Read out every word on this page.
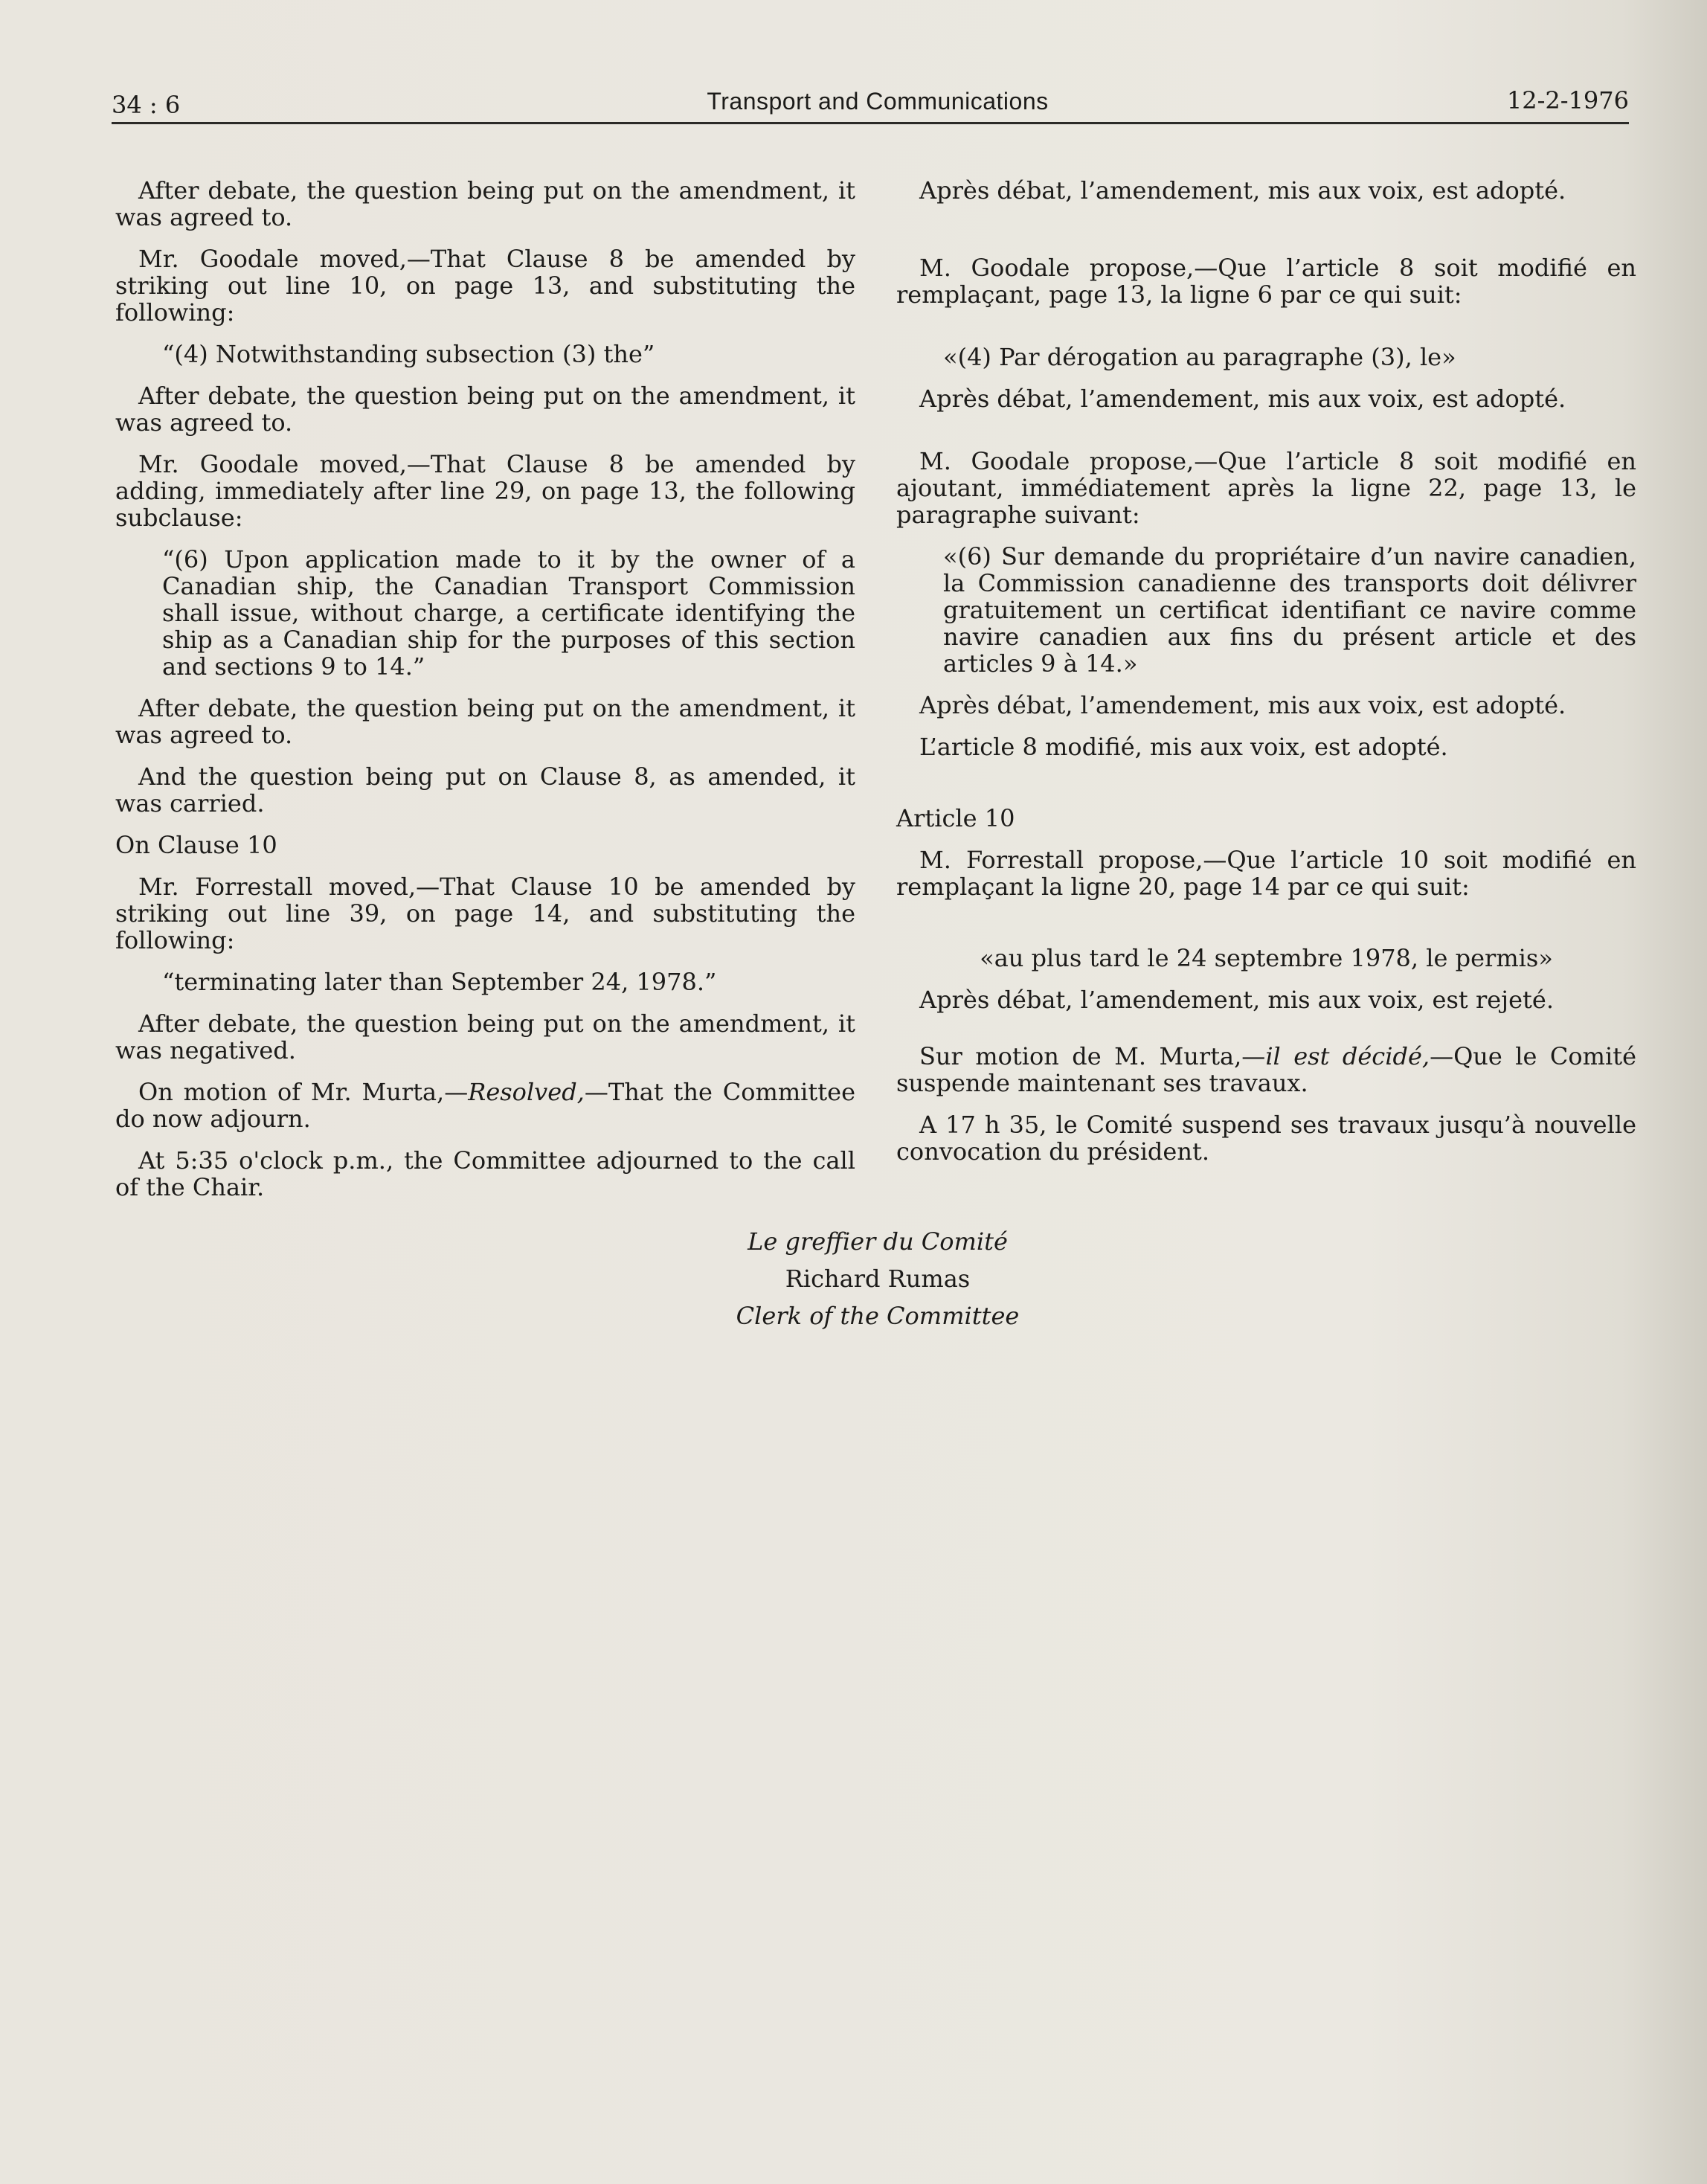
34 : 6	Transport and Communications	12-2-1976

After debate, the question being put on the amendment, it was agreed to.

Mr. Goodale moved,—That Clause 8 be amended by striking out line 10, on page 13, and substituting the following:

“(4) Notwithstanding subsection (3) the”

After debate, the question being put on the amendment, it was agreed to.

Mr. Goodale moved,—That Clause 8 be amended by adding, immediately after line 29, on page 13, the following subclause:

“(6) Upon application made to it by the owner of a Canadian ship, the Canadian Transport Commission shall issue, without charge, a certificate identifying the ship as a Canadian ship for the purposes of this section and sections 9 to 14.”

After debate, the question being put on the amendment, it was agreed to.

And the question being put on Clause 8, as amended, it was carried.

On Clause 10

Mr. Forrestall moved,—That Clause 10 be amended by striking out line 39, on page 14, and substituting the following:

“terminating later than September 24, 1978.”

After debate, the question being put on the amendment, it was negatived.

On motion of Mr. Murta,—Resolved,—That the Committee do now adjourn.

At 5:35 o'clock p.m., the Committee adjourned to the call of the Chair.

Après débat, l’amendement, mis aux voix, est adopté.

M. Goodale propose,—Que l’article 8 soit modifié en remplaçant, page 13, la ligne 6 par ce qui suit:

«(4) Par dérogation au paragraphe (3), le»

Après débat, l’amendement, mis aux voix, est adopté.

M. Goodale propose,—Que l’article 8 soit modifié en ajoutant, immédiatement après la ligne 22, page 13, le paragraphe suivant:

«(6) Sur demande du propriétaire d’un navire canadien, la Commission canadienne des transports doit délivrer gratuitement un certificat identifiant ce navire comme navire canadien aux fins du présent article et des articles 9 à 14.»

Après débat, l’amendement, mis aux voix, est adopté.

L’article 8 modifié, mis aux voix, est adopté.

Article 10

M. Forrestall propose,—Que l’article 10 soit modifié en remplaçant la ligne 20, page 14 par ce qui suit:

«au plus tard le 24 septembre 1978, le permis»

Après débat, l’amendement, mis aux voix, est rejeté.

Sur motion de M. Murta,—il est décidé,—Que le Comité suspende maintenant ses travaux.

A 17 h 35, le Comité suspend ses travaux jusqu’à nouvelle convocation du président.

Le greffier du Comité
Richard Rumas
Clerk of the Committee
